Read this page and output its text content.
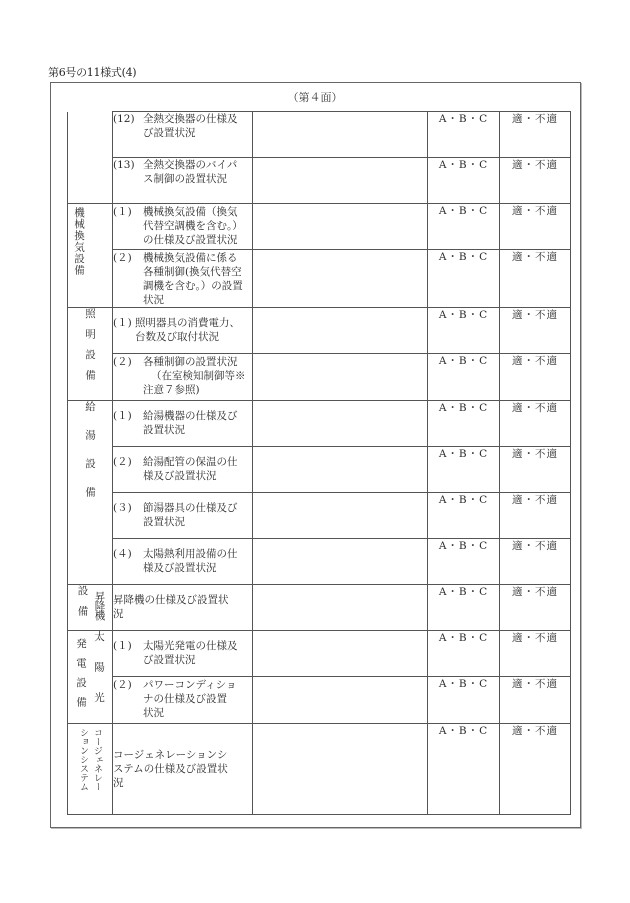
第6号の11様式(4)
（第４面）

	(12) 全熱交換器の仕様及
び設置状況		A・B・C	適・不適

	(13) 全熱交換器のバイパ
ス制御の設置状況		A・B・C	適・不適
機械換気設備	(１) 機械換気設備（換気
代替空調機を含む。）
の仕様及び設置状況		A・B・C	適・不適

	(２) 機械換気設備に係る
各種制御(換気代替空
調機を含む。）の設置
状況		A・B・C	適・不適
照明設備	(１) 照明器具の消費電力、
台数及び取付状況		A・B・C	適・不適

	(２) 各種制御の設置状況
（在室検知制御等※
注意７参照)		A・B・C	適・不適
給湯設備	(１) 給湯機器の仕様及び
設置状況		A・B・C	適・不適

	(２) 給湯配管の保温の仕
様及び設置状況		A・B・C	適・不適

	(３) 節湯器具の仕様及び
設置状況		A・B・C	適・不適

	(４) 太陽熱利用設備の仕
様及び設置状況		A・B・C	適・不適

設備 昇降機	昇降機の仕様及び設置状
況		A・B・C	適・不適

発電設備 太陽光	(１) 太陽光発電の仕様及
び設置状況		A・B・C	適・不適

	(２) パワーコンディショ
ナの仕様及び設置
状況		A・B・C	適・不適

ションシステム コージェネレー	コージェネレーションシ
ステムの仕様及び設置状
況		A・B・C	適・不適
